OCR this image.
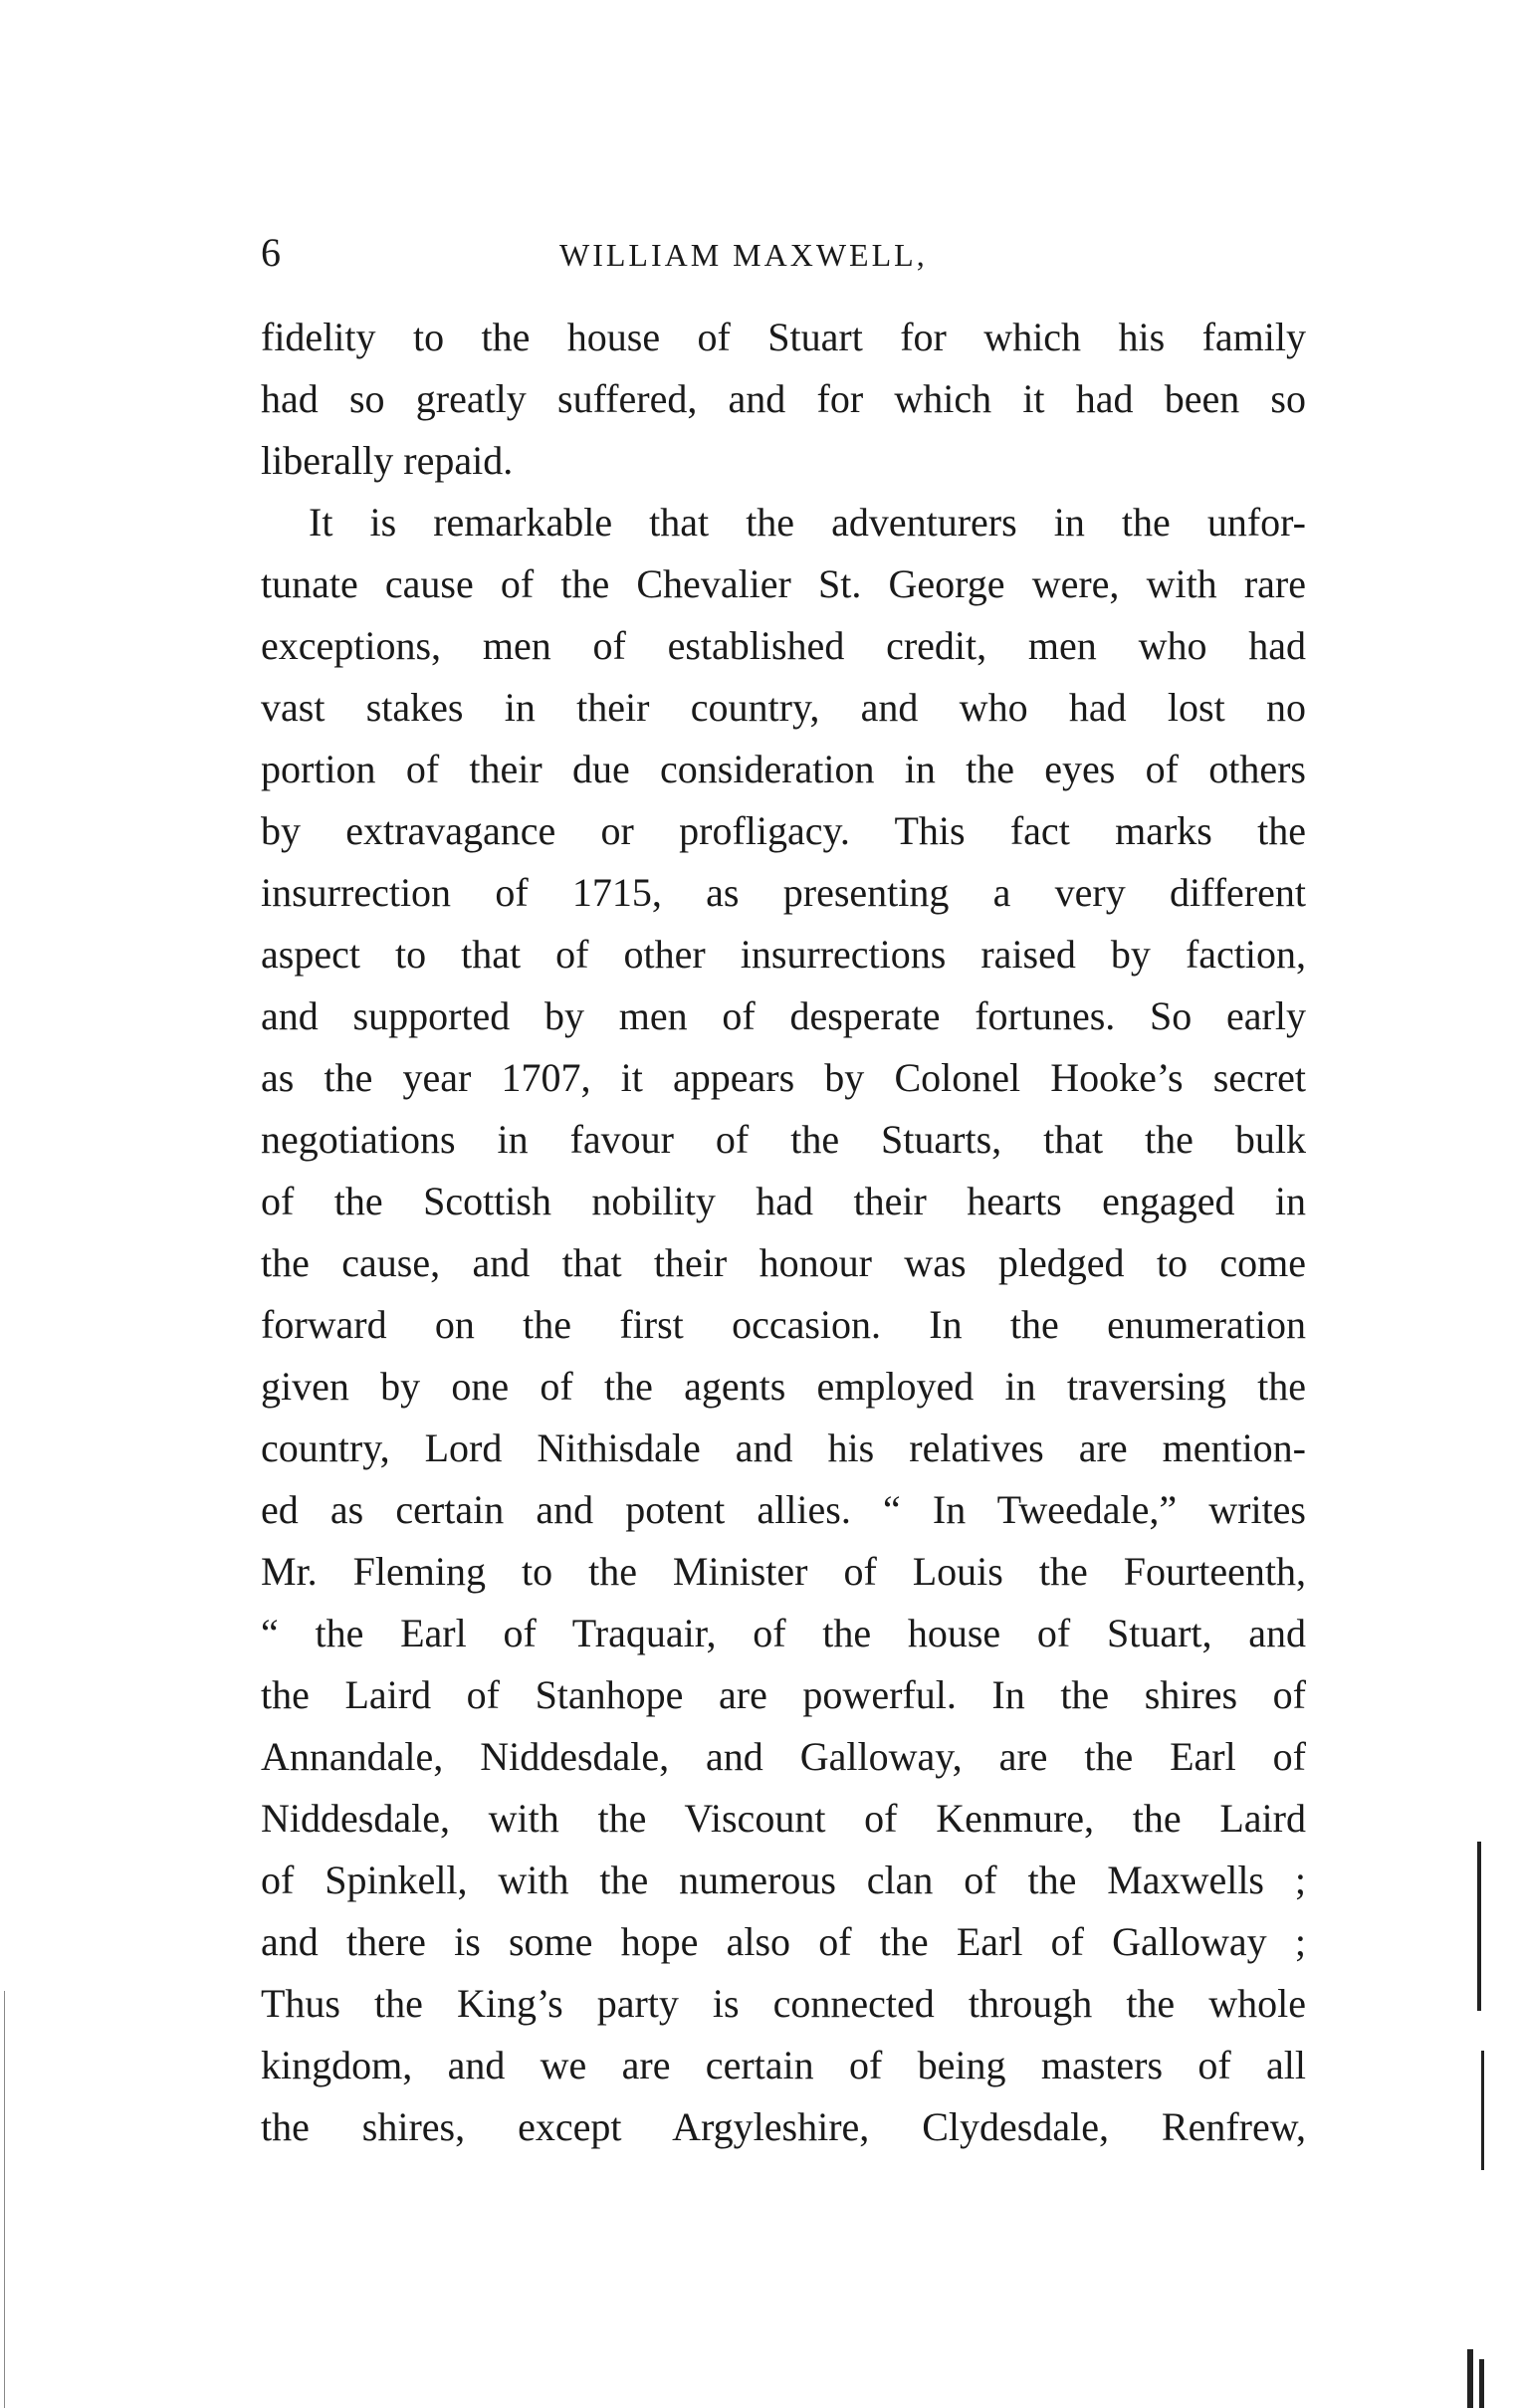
6	WILLIAM MAXWELL,
fidelity to the house of Stuart for which his family
had so greatly suffered, and for which it had been so
liberally repaid.
It is remarkable that the adventurers in the unfor-
tunate cause of the Chevalier St. George were, with rare
exceptions, men of established credit, men who had
vast stakes in their country, and who had lost no
portion of their due consideration in the eyes of others
by extravagance or profligacy. This fact marks the
insurrection of 1715, as presenting a very different
aspect to that of other insurrections raised by faction,
and supported by men of desperate fortunes. So early
as the year 1707, it appears by Colonel Hooke’s secret
negotiations in favour of the Stuarts, that the bulk
of the Scottish nobility had their hearts engaged in
the cause, and that their honour was pledged to come
forward on the first occasion. In the enumeration
given by one of the agents employed in traversing the
country, Lord Nithisdale and his relatives are mention-
ed as certain and potent allies. “ In Tweedale,” writes
Mr. Fleming to the Minister of Louis the Fourteenth,
“ the Earl of Traquair, of the house of Stuart, and
the Laird of Stanhope are powerful. In the shires of
Annandale, Niddesdale, and Galloway, are the Earl of
Niddesdale, with the Viscount of Kenmure, the Laird
of Spinkell, with the numerous clan of the Maxwells ;
and there is some hope also of the Earl of Galloway ;
Thus the King’s party is connected through the whole
kingdom, and we are certain of being masters of all
the shires, except Argyleshire, Clydesdale, Renfrew,
